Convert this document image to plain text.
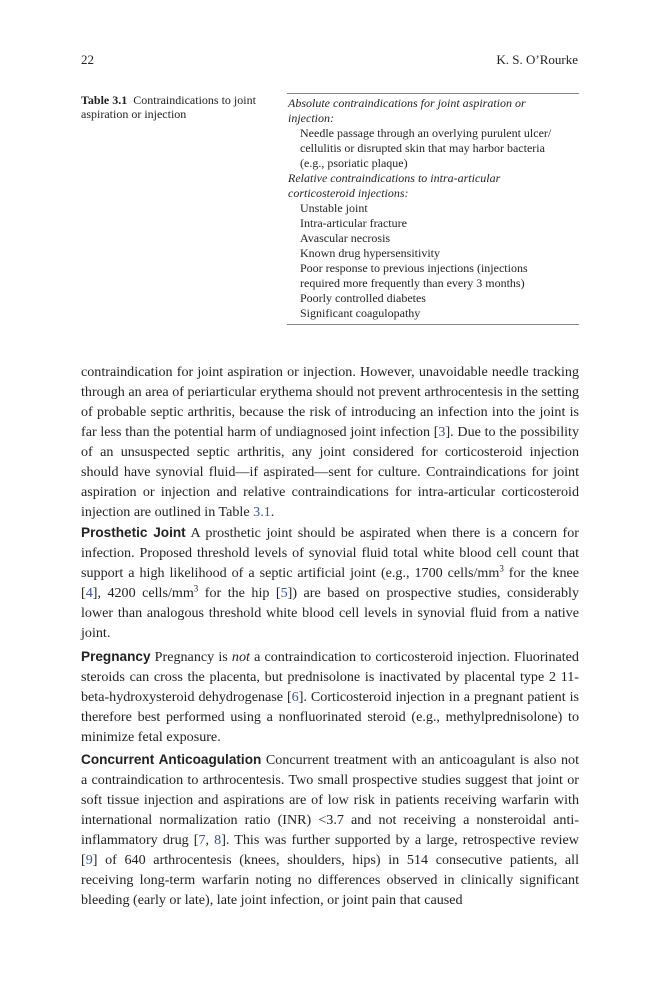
22	K. S. O’Rourke
Table 3.1 Contraindications to joint aspiration or injection
Absolute contraindications for joint aspiration or
injection:
Needle passage through an overlying purulent ulcer/
cellulitis or disrupted skin that may harbor bacteria
(e.g., psoriatic plaque)
Relative contraindications to intra-articular
corticosteroid injections:
Unstable joint
Intra-articular fracture
Avascular necrosis
Known drug hypersensitivity
Poor response to previous injections (injections
required more frequently than every 3 months)
Poorly controlled diabetes
Significant coagulopathy

contraindication for joint aspiration or injection. However, unavoidable needle tracking through an area of periarticular erythema should not prevent arthrocentesis in the setting of probable septic arthritis, because the risk of introducing an infection into the joint is far less than the potential harm of undiagnosed joint infection [3]. Due to the possibility of an unsuspected septic arthritis, any joint considered for corticosteroid injection should have synovial fluid—if aspirated—sent for culture. Contraindications for joint aspiration or injection and relative contraindications for intra-articular corticosteroid injection are outlined in Table 3.1.

Prosthetic Joint A prosthetic joint should be aspirated when there is a concern for infection. Proposed threshold levels of synovial fluid total white blood cell count that support a high likelihood of a septic artificial joint (e.g., 1700 cells/$mm^3$ for the knee [4], 4200 cells/$mm^3$ for the hip [5]) are based on prospective studies, considerably lower than analogous threshold white blood cell levels in synovial fluid from a native joint.

Pregnancy Pregnancy is not a contraindication to corticosteroid injection. Fluorinated steroids can cross the placenta, but prednisolone is inactivated by placental type 2 11-beta-hydroxysteroid dehydrogenase [6]. Corticosteroid injection in a pregnant patient is therefore best performed using a nonfluorinated steroid (e.g., methylprednisolone) to minimize fetal exposure.

Concurrent Anticoagulation Concurrent treatment with an anticoagulant is also not a contraindication to arthrocentesis. Two small prospective studies suggest that joint or soft tissue injection and aspirations are of low risk in patients receiving warfarin with international normalization ratio (INR) <3.7 and not receiving a nonsteroidal anti-inflammatory drug [7, 8]. This was further supported by a large, retrospective review [9] of 640 arthrocentesis (knees, shoulders, hips) in 514 consecutive patients, all receiving long-term warfarin noting no differences observed in clinically significant bleeding (early or late), late joint infection, or joint pain that caused
